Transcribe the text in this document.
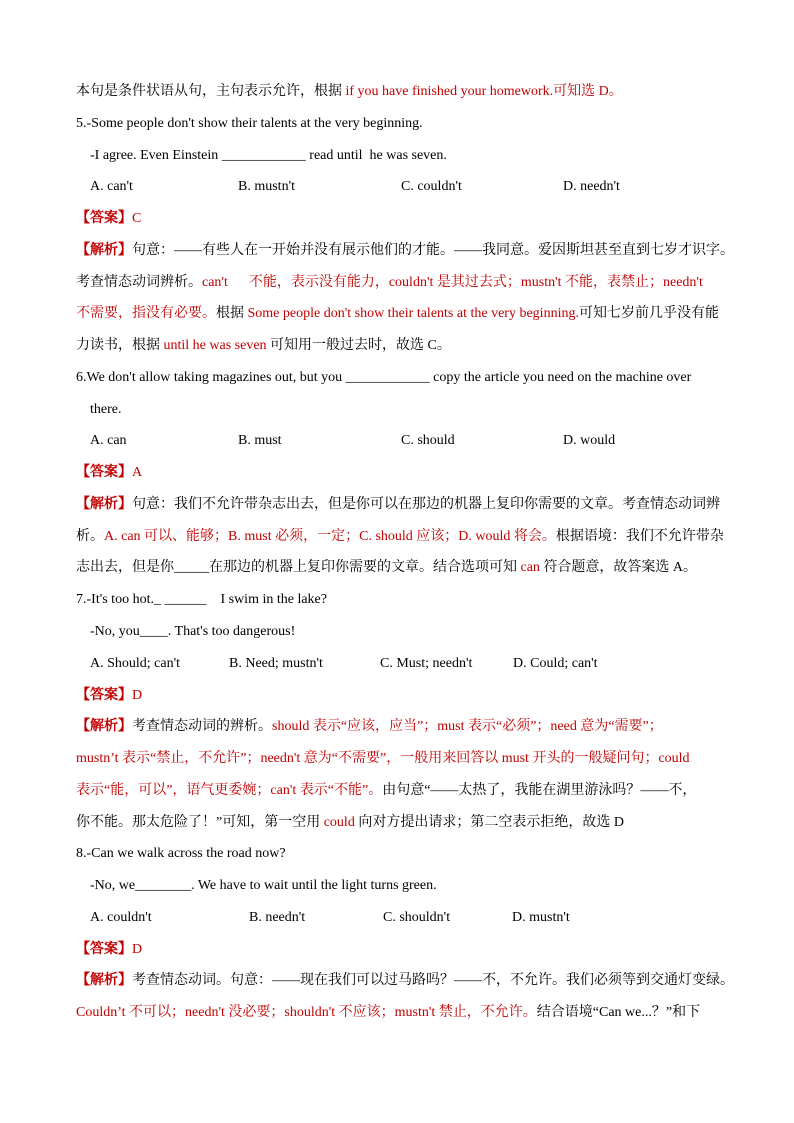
本句是条件状语从句，主句表示允许，根据 if you have finished your homework.可知选 D。
5.-Some people don't show their talents at the very beginning.
-I agree. Even Einstein ____________ read until  he was seven.
A. can't	B. mustn't	C. couldn't	D. needn't
【答案】 C
【解析】 句意：——有些人在一开始并没有展示他们的才能。——我同意。爱因斯坦甚至直到七岁才识字。
考查情态动词辨析。 can't      不能，表示没有能力，couldn't 是其过去式；mustn't 不能，表禁止；needn't
不需要，指没有必要。 根据 Some people don't show their talents at the very beginning. 可知七岁前几乎没有能
力读书，根据 until he was seven 可知用一般过去时，故选 C。
6.We don't allow taking magazines out, but you ____________ copy the article you need on the machine over
there.
A. can	B. must	C. should	D. would
【答案】 A
【解析】 句意：我们不允许带杂志出去，但是你可以在那边的机器上复印你需要的文章。考查情态动词辨
析。 A. can 可以、能够；B. must 必须，一定；C. should 应该；D. would 将会。 根据语境：我们不允许带杂
志出去，但是你_____在那边的机器上复印你需要的文章。结合选项可知 can 符合题意，故答案选 A。
7.-It's too hot._ ______    I swim in the lake?
-No, you____. That's too dangerous!
A. Should; can't	B. Need; mustn't	C. Must; needn't	D. Could; can't
【答案】 D
【解析】 考查情态动词的辨析。 should 表示“应该，应当”；must 表示“必须”；need 意为“需要”；
mustn’t 表示“禁止，不允许”；needn't 意为“不需要”，一般用来回答以 must 开头的一般疑问句；could
表示“能，可以”，语气更委婉；can't 表示“不能”。 由句意“——太热了，我能在湖里游泳吗？——不，
你不能。那太危险了！”可知，第一空用 could 向对方提出请求；第二空表示拒绝，故选 D
8.-Can we walk across the road now?
-No, we________. We have to wait until the light turns green.
A. couldn't	B. needn't	C. shouldn't	D. mustn't
【答案】 D
【解析】 考查情态动词。句意：——现在我们可以过马路吗？——不，不允许。我们必须等到交通灯变绿。
Couldn’t 不可以；needn't 没必要；shouldn't 不应该；mustn't 禁止，不允许。 结合语境“Can we...？”和下
